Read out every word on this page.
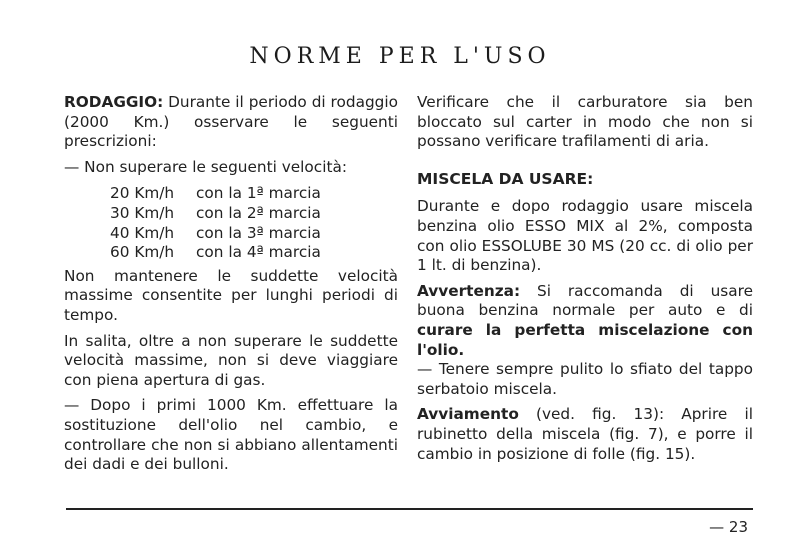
NORME PER L'USO

RODAGGIO: Durante il periodo di rodaggio (2000 Km.) osservare le seguenti prescrizioni:

— Non superare le seguenti velocità:

20 Km/h	con la 1ª marcia
30 Km/h	con la 2ª marcia
40 Km/h	con la 3ª marcia
60 Km/h	con la 4ª marcia

Non mantenere le suddette velocità massime consentite per lunghi periodi di tempo.

In salita, oltre a non superare le suddette velocità massime, non si deve viaggiare con piena apertura di gas.

— Dopo i primi 1000 Km. effettuare la sostituzione dell'olio nel cambio, e controllare che non si abbiano allentamenti dei dadi e dei bulloni.

Verificare che il carburatore sia ben bloccato sul carter in modo che non si possano verificare trafilamenti di aria.

MISCELA DA USARE:

Durante e dopo rodaggio usare miscela benzina olio ESSO MIX al 2%, composta con olio ESSOLUBE 30 MS (20 cc. di olio per 1 lt. di benzina).

Avvertenza: Si raccomanda di usare buona benzina normale per auto e di curare la perfetta miscelazione con l'olio.

— Tenere sempre pulito lo sfiato del tappo serbatoio miscela.

Avviamento (ved. fig. 13): Aprire il rubinetto della miscela (fig. 7), e porre il cambio in posizione di folle (fig. 15).

— 23
